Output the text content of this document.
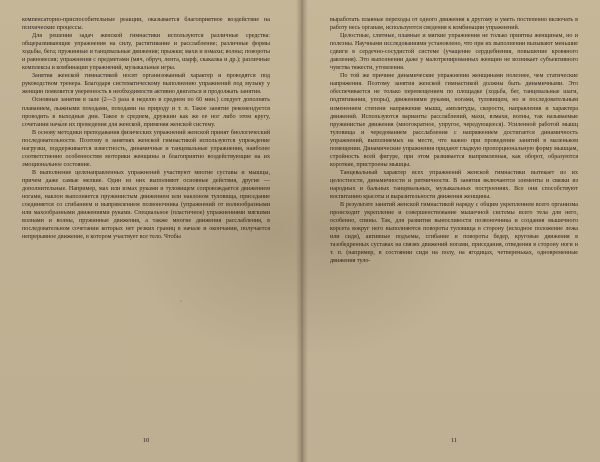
компенсаторно-приспособительные реакции, оказывается благоприятное воздействие на психические процессы.

Для решения задач женской гимнастики используются различные средства: общеразвивающие упражнения на силу, растягивание и расслабление; различные формы ходьбы, бега; пружинные и танцевальные движения; прыжки; махи и взмахи; волны; повороты и равновесия; упражнения с предметами (мяч, обруч, лента, шарф, скакалка и др.); различные комплексы и комбинации упражнений, музыкальные игры.

Занятия женской гимнастикой носят организованный характер и проводятся под руководством тренера. Благодаря систематическому выполнению упражнений под музыку у женщин появляется уверенность в необходимости активно двигаться и продолжать занятия.

Основные занятия в зале (2—3 раза в неделю в среднем по 60 мин.) следует дополнять плаванием, лыжными походами, походами на природу и т. п. Такое занятие рекомендуется проводить в выходные дни. Такое в среднем, дружкин как же ее ног либо этом кругу, сочетании начале их проведения для женской, применяя женской систему.

В основу методики преподавания физических упражнений женской принят биологический последовательности. Поэтому в занятиях женской гимнастикой используются упреждение нагрузки, поддерживается известность, динамичные и танцевальные упражнения, наиболее соответственно особенностям моторики женщины и благоприятно воздействующие на их эмоциональное состояние.

В выполнение целенаправленных упражнений участвуют многие суставы и мышцы, причем даже самые мелкие. Один из них выполняют основные действия, другие — дополнительные. Например, мах или взмах руками и туловищем сопровождается движением ногами, наклон выполняется пружинистым движением или наклоном туловища, приседание соединяется со сгибанием и выпрямлением позвоночника (упражнений от волнообразными или махообразными движениями руками. Специальное (пластичное) упражнениями мягкими волнами и волны, пружинные движения, а также многие движения расслабления, в последовательном сочетании которых нет резких границ в начале и окончании, получается непрерывное движение, в котором участвует все тело. Чтобы

10

выработать плавные переходы от одного движения к другому и уметь постепенно включать в работу весь органам, используются сведения к комбинации упражнений.

Целостные, слитные, плавные и мягкие упражнения не только приятны женщинам, но и полезны. Научными исследованиями установлено, что при их выполнении вызывают меньшие сдвиги в сердечно-сосудистой системе (учащение сердцебиения, повышение кровяного давления). Это выполнении даже у малотренированных женщин не возникает субъективного чувства тяжести, утомления.

По той же причине динамические упражнения женщинами полезнее, чем статические напряжения. Поэтому занятия женской гимнастикой должны быть динамичными. Это обеспечивается не только перемещением по площадке (ходьба, бег, танцевальные шаги, подтягивания, упоры), движениями руками, ногами, туловищем, но и последовательным изменением степени напряжения мышц, амплитуды, скорости, направления и характера движений. Используются варианты расслаблений, махи, взмахи, волны, так называемые пружинистые движения (многократное, упругое, чередующееся). Усиленной работой мышц туловища и чередованием расслабления с напряжением достигается динамичность упражнений, выполняемых на месте, что важно при проведении занятий в маленьком помещении. Динамические упражнения придают гладкую пропорциональную форму мышцам, стройность всей фигуре, при этом развивается выпрямленная, как оборот, образуются короткие, пристроены мышцы.

Танцевальный характер всех упражнений женской гимнастики вытекает из их целостности, динамичности и ритмичности. В занятия включаются элементы и связки из народных и бальных танцевальных, музыкальных построениях. Все они способствуют воспитанию красоты и выразительности движения женщины.

В результате занятий женской гимнастикой наряду с общим укреплением всего организма происходит укрепление и совершенствование мышечной системы всего тела для него, особенно, спины. Так, для развития выносливости позвоночника и создания мышечного корсета вокруг него выполняются повороты туловища в сторону (исходное положение лежа или сидя), активные подъемы, сгибание и повороты бедер, круговые движения в тазобедренных суставах на связях движений ногами, приседания, отведения в сторону ноги и т. п. (например, в состоянии сидя на полу, на ягодицах, четвереньках, одновременные движения туло-

11
